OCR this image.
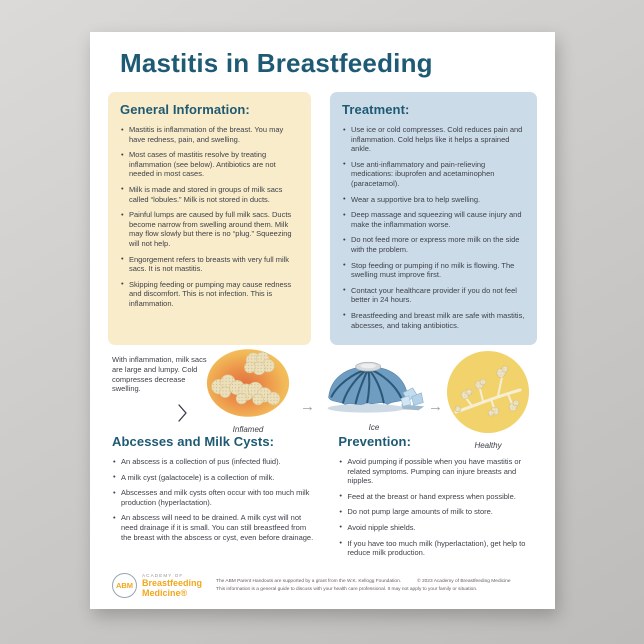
Mastitis in Breastfeeding
General Information:
• Mastitis is inflammation of the breast. You may have redness, pain, and swelling.
• Most cases of mastitis resolve by treating inflammation (see below). Antibiotics are not needed in most cases.
• Milk is made and stored in groups of milk sacs called “lobules.” Milk is not stored in ducts.
• Painful lumps are caused by full milk sacs. Ducts become narrow from swelling around them. Milk may flow slowly but there is no “plug.” Squeezing will not help.
• Engorgement refers to breasts with very full milk sacs. It is not mastitis.
• Skipping feeding or pumping may cause redness and discomfort. This is not infection. This is inflammation.
Treatment:
• Use ice or cold compresses. Cold reduces pain and inflammation. Cold helps like it helps a sprained ankle.
• Use anti-inflammatory and pain-relieving medications: ibuprofen and acetaminophen (paracetamol).
• Wear a supportive bra to help swelling.
• Deep massage and squeezing will cause injury and make the inflammation worse.
• Do not feed more or express more milk on the side with the problem.
• Stop feeding or pumping if no milk is flowing. The swelling must improve first.
• Contact your healthcare provider if you do not feel better in 24 hours.
• Breastfeeding and breast milk are safe with mastitis, abcesses, and taking antibiotics.
With inflammation, milk sacs are large and lumpy. Cold compresses decrease swelling.
Inflamed
→
Ice
→
Healthy
Abcesses and Milk Cysts:
• An abscess is a collection of pus (infected fluid).
• A milk cyst (galactocele) is a collection of milk.
• Abscesses and milk cysts often occur with too much milk production (hyperlactation).
• An abscess will need to be drained. A milk cyst will not need drainage if it is small. You can still breastfeed from the breast with the abscess or cyst, even before drainage.
Prevention:
• Avoid pumping if possible when you have mastitis or related symptoms. Pumping can injure breasts and nipples.
• Feed at the breast or hand express when possible.
• Do not pump large amounts of milk to store.
• Avoid nipple shields.
• If you have too much milk (hyperlactation), get help to reduce milk production.
ABM
ACADEMY OF
Breastfeeding
Medicine®
The ABM Parent Handouts are supported by a grant from the W.K. Kellogg Foundation.	© 2023 Academy of Breastfeeding Medicine
This information is a general guide to discuss with your health care professional. It may not apply to your family or situation.
